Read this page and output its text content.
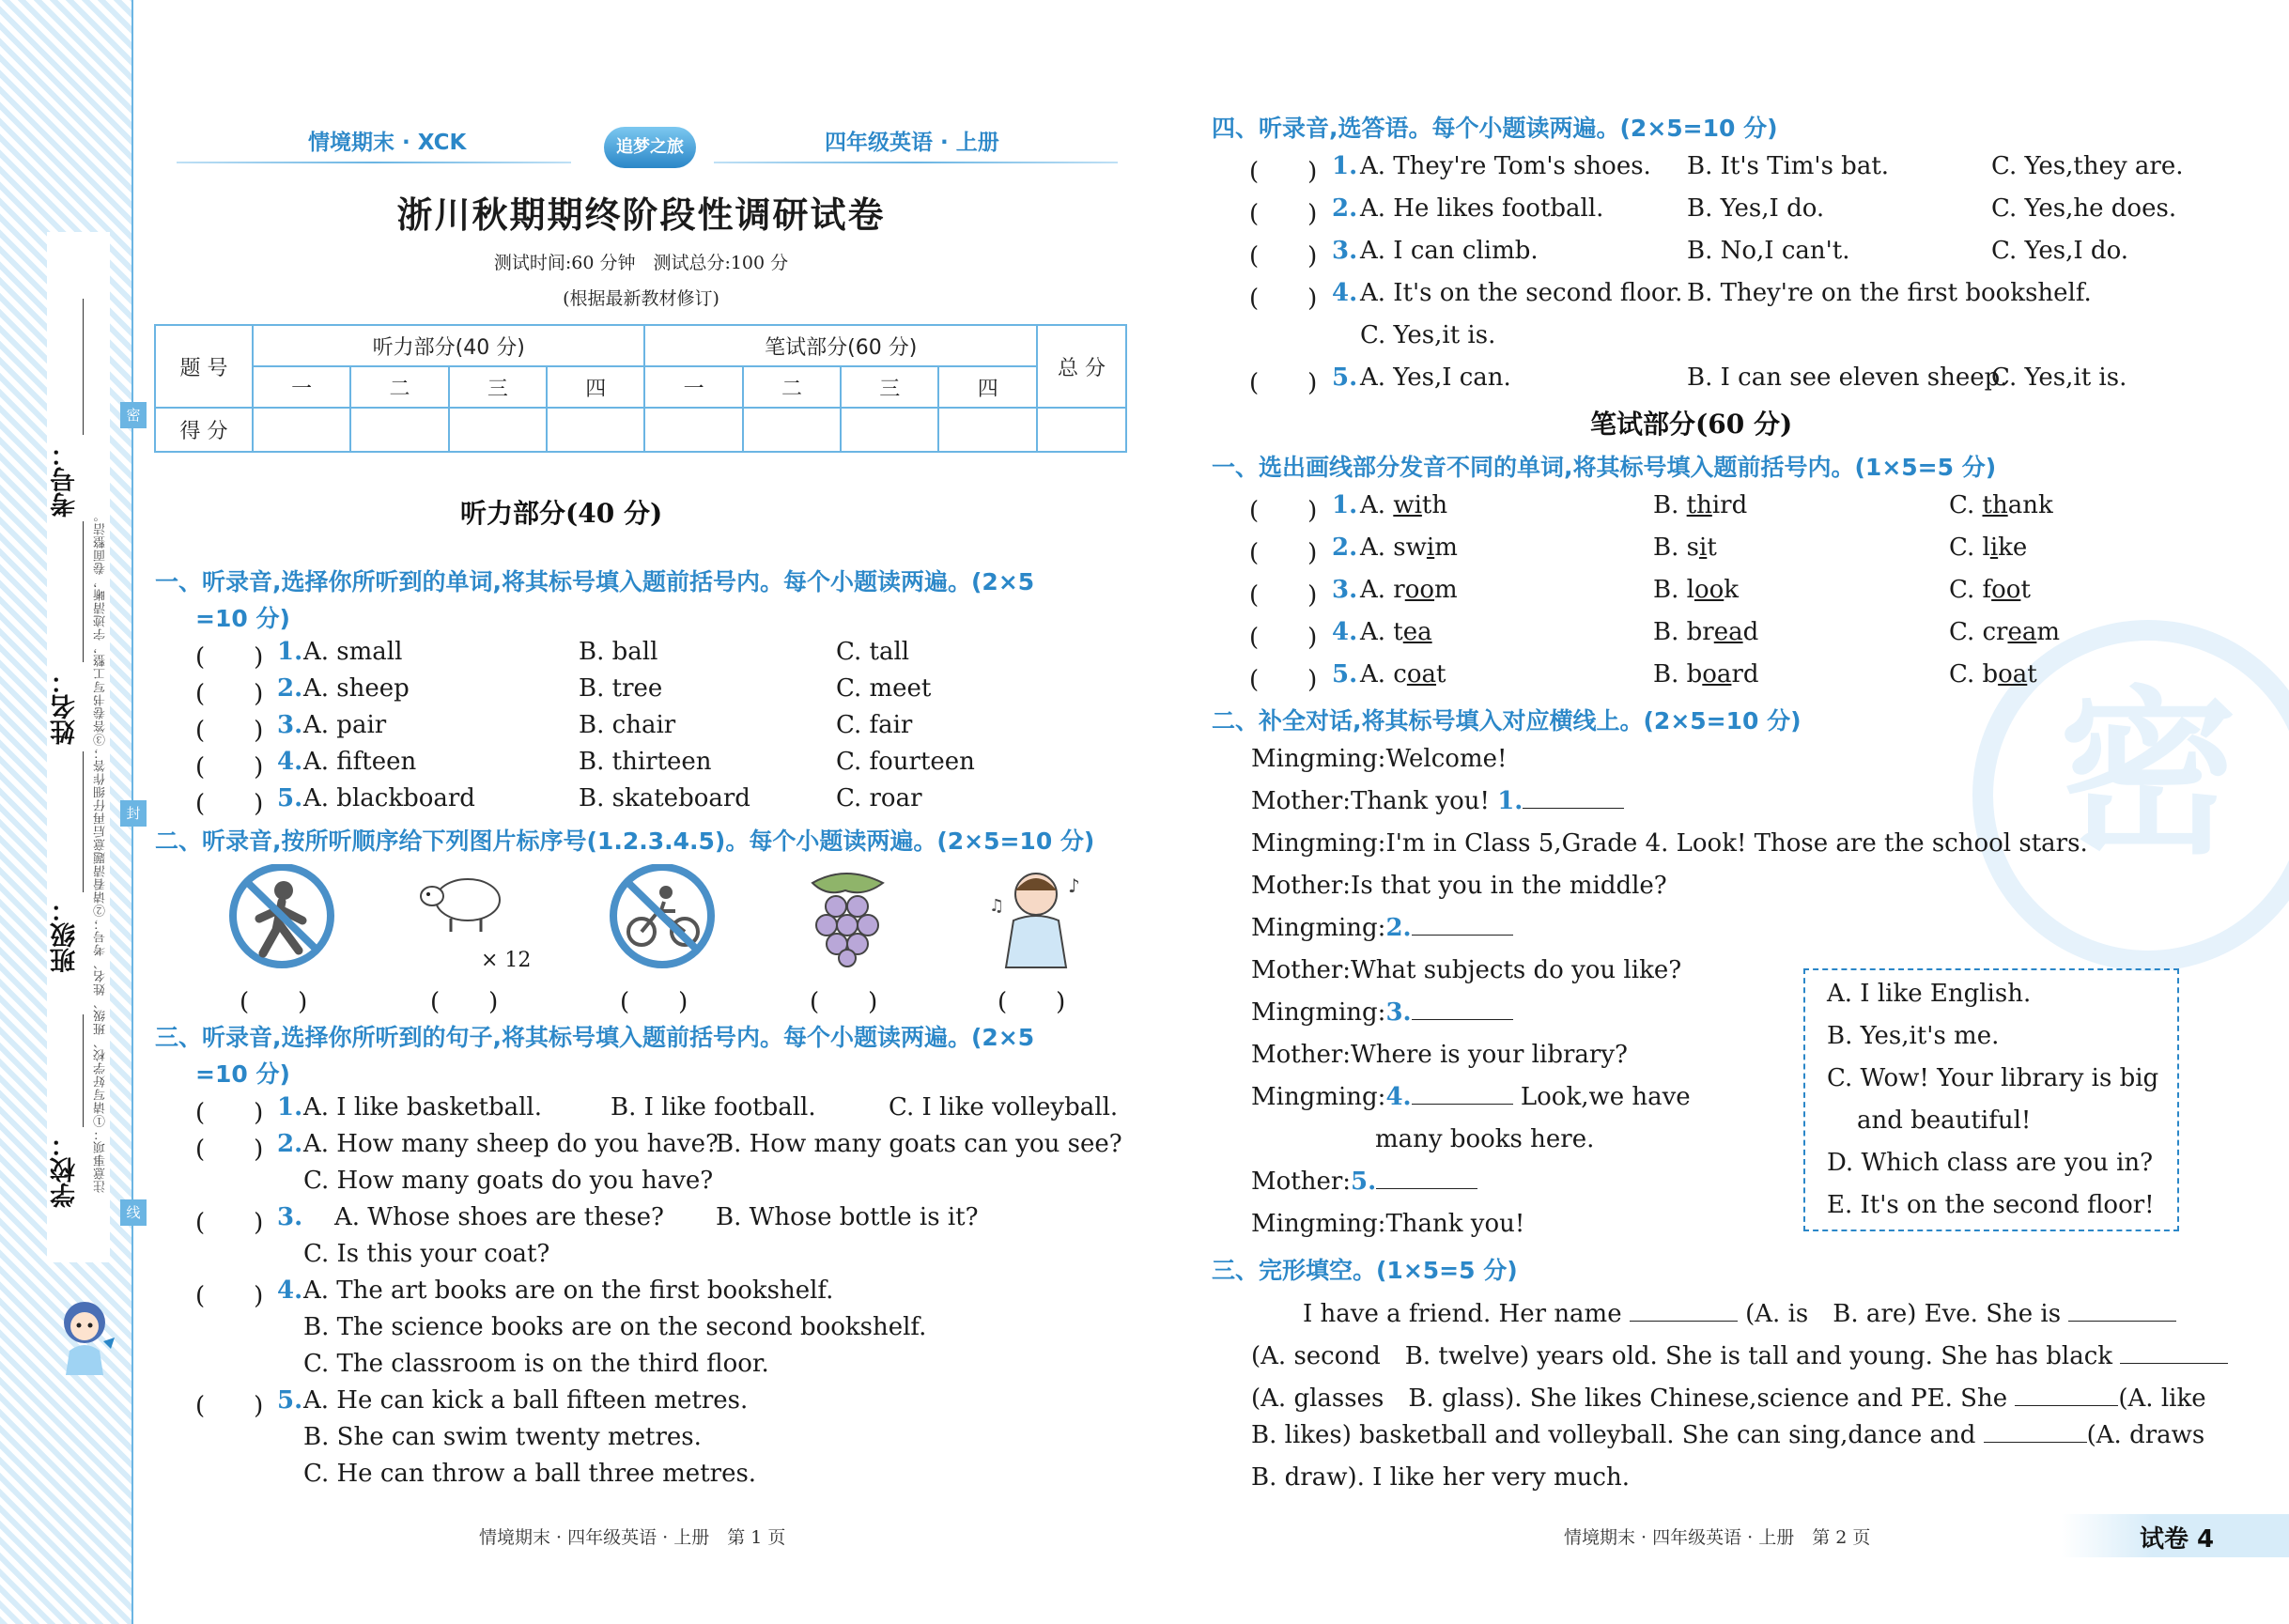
学校：
班级：
姓名：
考号：
注意事项：①请写好学校、班级、姓名、考号；②请看清题意后再仔细作答；③答卷书写工整，字迹清晰，卷面整洁。
密
封
线
情境期末 · XCK	追梦之旅	四年级英语 · 上册
浙川秋期期终阶段性调研试卷
测试时间:60 分钟　测试总分:100 分
(根据最新教材修订)
题 号	听力部分(40 分)				笔试部分(60 分)				总 分
	一	二	三	四	一	二	三	四	
得 分									
听力部分(40 分)
一、听录音,选择你所听到的单词,将其标号填入题前括号内。每个小题读两遍。(2×5
=10 分)
(　　) 1. A. small	B. ball	C. tall
(　　) 2. A. sheep	B. tree	C. meet
(　　) 3. A. pair	B. chair	C. fair
(　　) 4. A. fifteen	B. thirteen	C. fourteen
(　　) 5. A. blackboard	B. skateboard	C. roar
二、听录音,按所听顺序给下列图片标序号(1.2.3.4.5)。每个小题读两遍。(2×5=10 分)
× 12
♪
♫
(　　)	(　　)	(　　)	(　　)	(　　)
三、听录音,选择你所听到的句子,将其标号填入题前括号内。每个小题读两遍。(2×5
=10 分)
(　　) 1. A. I like basketball.	B. I like football.	C. I like volleyball.
(　　) 2. A. How many sheep do you have?
B. How many goats can you see?
C. How many goats do you have?
(　　) 3. A. Whose shoes are these? B. Whose bottle is it?
C. Is this your coat?
(　　) 4. A. The art books are on the first bookshelf.
B. The science books are on the second bookshelf.
C. The classroom is on the third floor.
(　　) 5. A. He can kick a ball fifteen metres.
B. She can swim twenty metres.
C. He can throw a ball three metres.
情境期末 · 四年级英语 · 上册　第 1 页
密
四、听录音,选答语。每个小题读两遍。(2×5=10 分)
(　　) 1. A. They're Tom's shoes. B. It's Tim's bat.	C. Yes,they are.
(　　) 2. A. He likes football.	B. Yes,I do.	C. Yes,he does.
(　　) 3. A. I can climb.	B. No,I can't.	C. Yes,I do.
(　　) 4. A. It's on the second floor. B. They're on the first bookshelf.
C. Yes,it is.
(　　) 5. A. Yes,I can.	B. I can see eleven sheep.
C. Yes,it is.
笔试部分(60 分)
一、选出画线部分发音不同的单词,将其标号填入题前括号内。(1×5=5 分)
(　　) 1. A. with	B. third	C. thank
(　　) 2. A. swim	B. sit	C. like
(　　) 3. A. room	B. look	C. foot
(　　) 4. A. tea	B. bread	C. cream
(　　) 5. A. coat	B. board	C. boat
二、补全对话,将其标号填入对应横线上。(2×5=10 分)
Mingming:Welcome!
Mother:Thank you! 1.
Mingming:I'm in Class 5,Grade 4. Look! Those are the school stars.
Mother:Is that you in the middle?
Mingming:2.
Mother:What subjects do you like?
Mingming:3.
Mother:Where is your library?
Mingming:4.	Look,we have
many books here.
Mother:5.
Mingming:Thank you!
A. I like English.
B. Yes,it's me.
C. Wow! Your library is big
and beautiful!
D. Which class are you in?
E. It's on the second floor!
三、完形填空。(1×5=5 分)
I have a friend. Her name	(A. is　B. are) Eve. She is
(A. second　B. twelve) years old. She is tall and young. She has black
(A. glasses　B. glass). She likes Chinese,science and PE. She	(A. like
B. likes) basketball and volleyball. She can sing,dance and	(A. draws
B. draw). I like her very much.
情境期末 · 四年级英语 · 上册　第 2 页	试卷 4
